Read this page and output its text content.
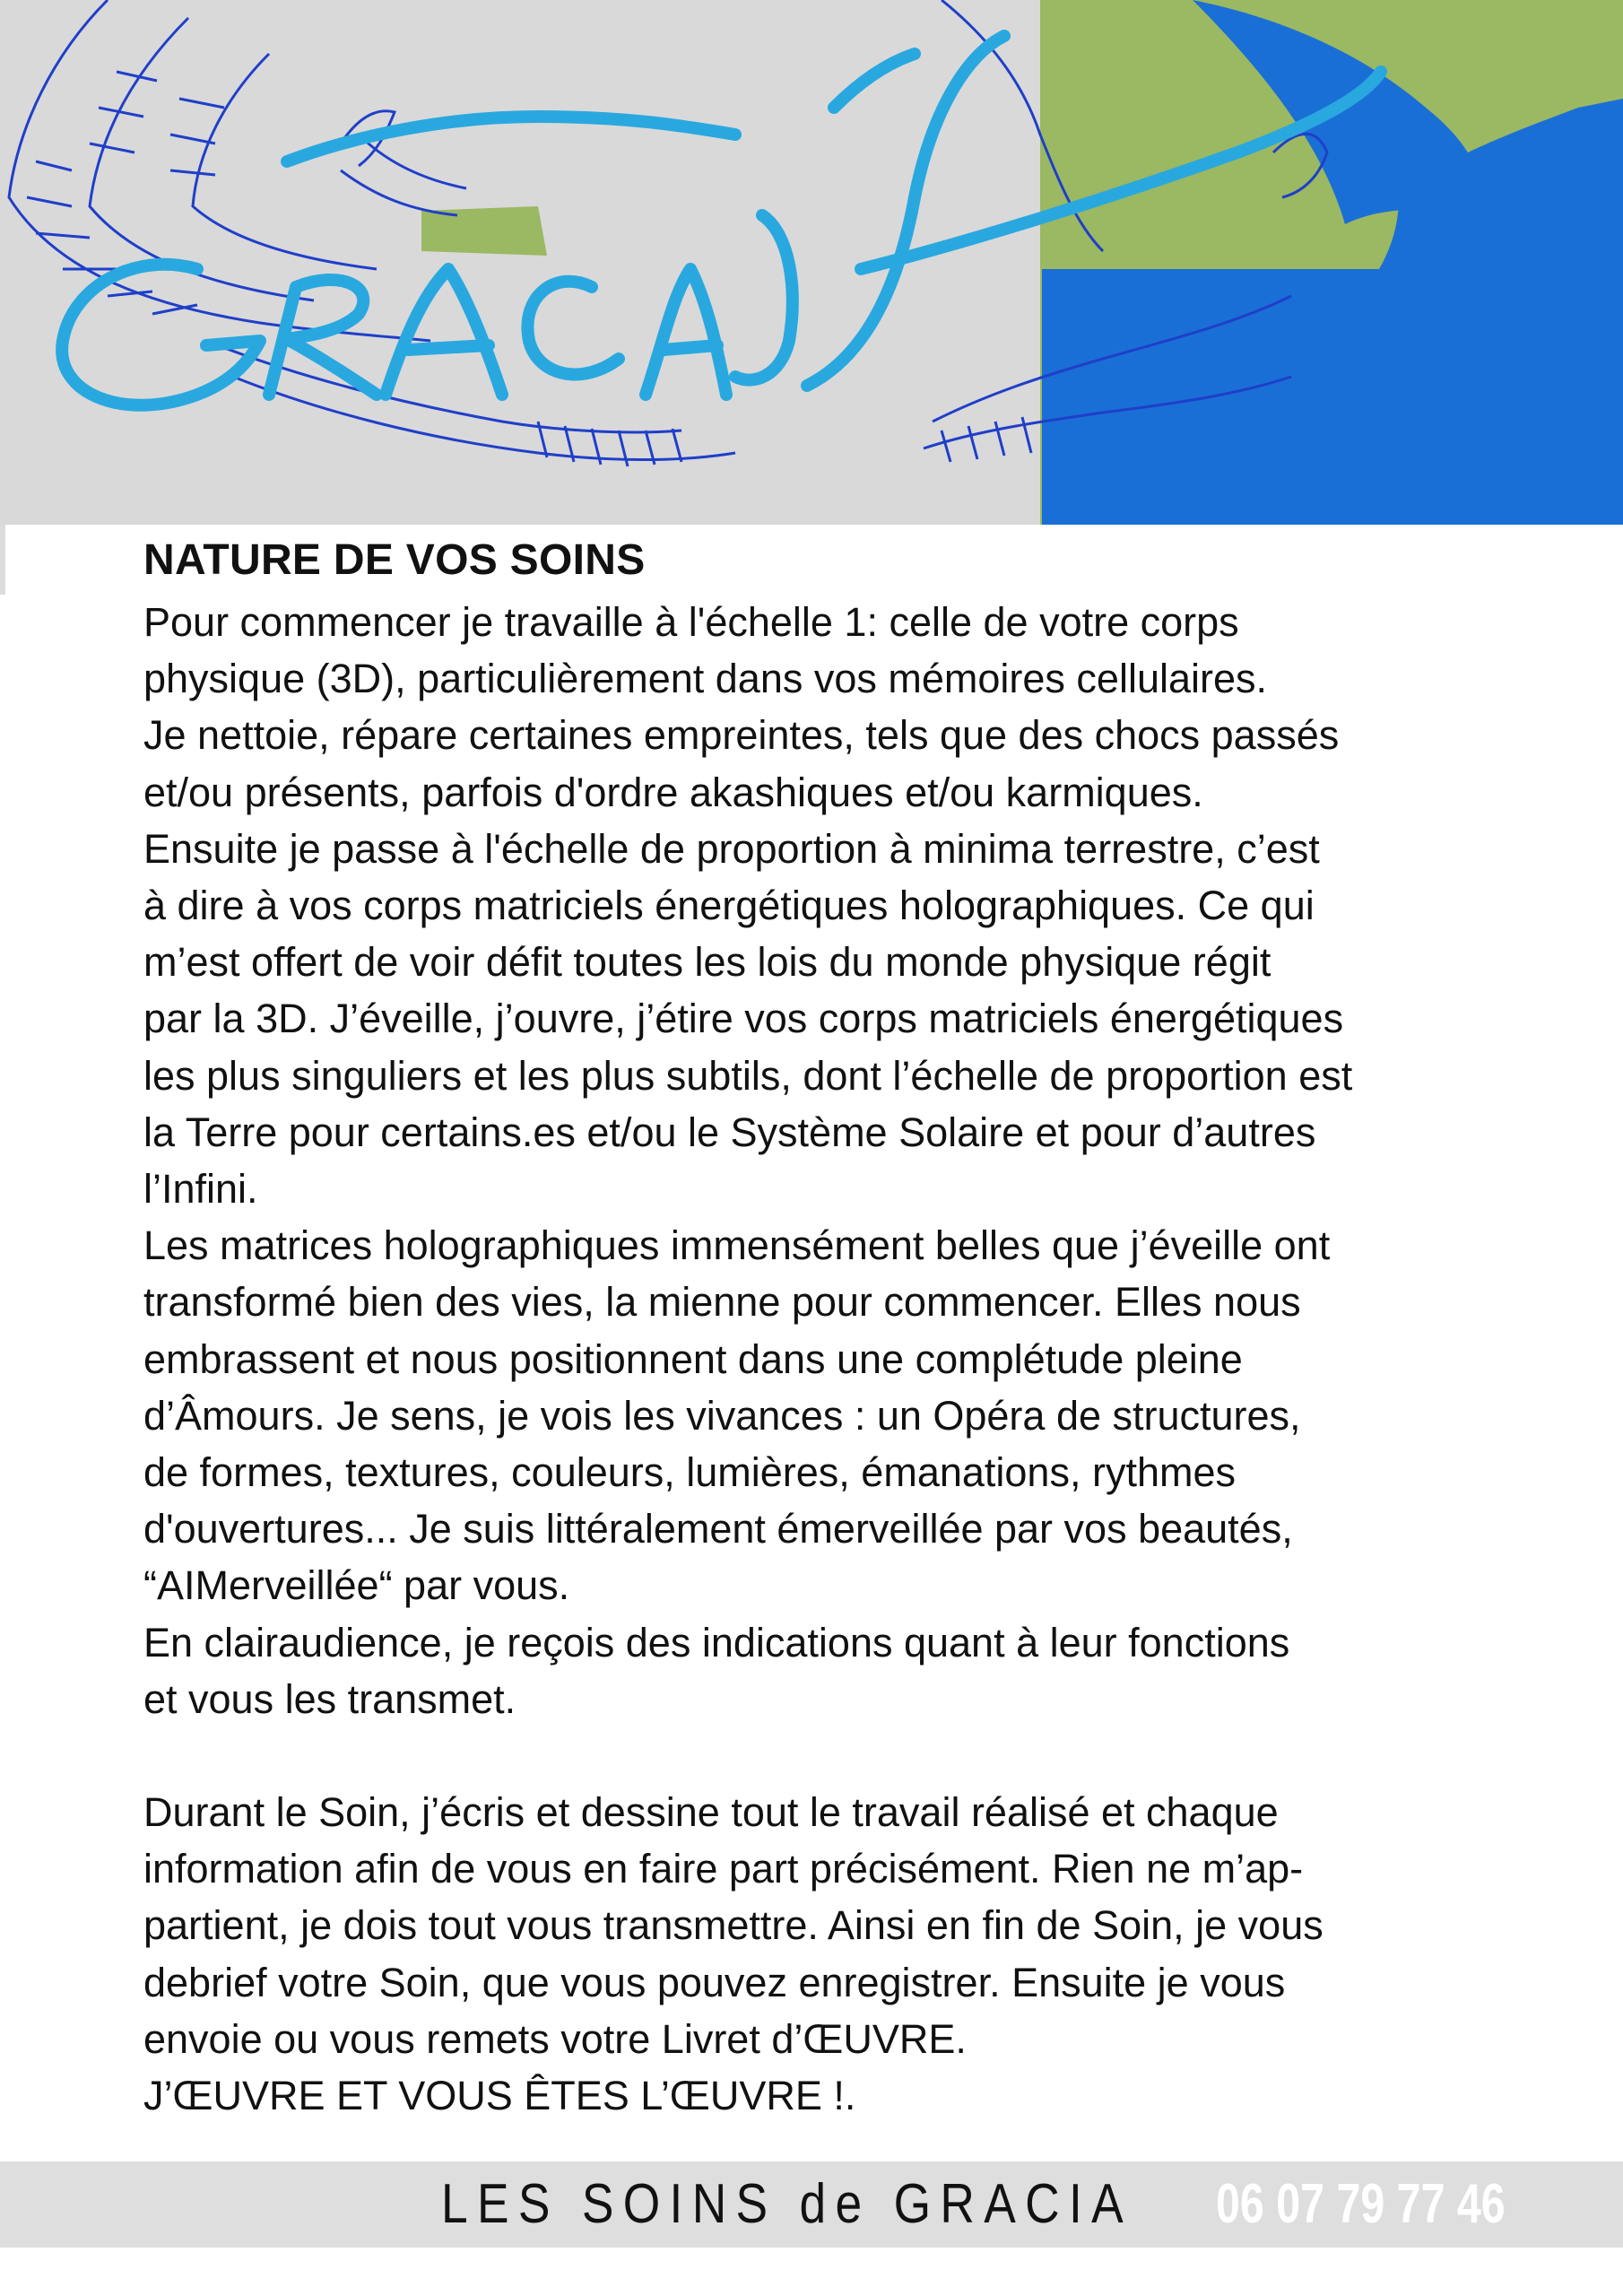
NATURE DE VOS SOINS
Pour commencer je travaille à l'échelle 1: celle de votre corps
physique (3D), particulièrement dans vos mémoires cellulaires.
Je nettoie, répare certaines empreintes, tels que des chocs passés
et/ou présents, parfois d'ordre akashiques et/ou karmiques.
Ensuite je passe à l'échelle de proportion à minima terrestre, c’est
à dire à vos corps matriciels énergétiques holographiques. Ce qui
m’est offert de voir défit toutes les lois du monde physique régit
par la 3D. J’éveille, j’ouvre, j’étire vos corps matriciels énergétiques
les plus singuliers et les plus subtils, dont l’échelle de proportion est
la Terre pour certains.es et/ou le Système Solaire et pour d’autres
l’Infini.
Les matrices holographiques immensément belles que j’éveille ont
transformé bien des vies, la mienne pour commencer. Elles nous
embrassent et nous positionnent dans une complétude pleine
d’Âmours. Je sens, je vois les vivances : un Opéra de structures,
de formes, textures, couleurs, lumières, émanations, rythmes
d'ouvertures... Je suis littéralement émerveillée par vos beautés,
“AIMerveillée“ par vous.
En clairaudience, je reçois des indications quant à leur fonctions
et vous les transmet.
Durant le Soin, j’écris et dessine tout le travail réalisé et chaque
information afin de vous en faire part précisément. Rien ne m’ap-
partient, je dois tout vous transmettre. Ainsi en fin de Soin, je vous
debrief votre Soin, que vous pouvez enregistrer. Ensuite je vous
envoie ou vous remets votre Livret d’ŒUVRE.
J’ŒUVRE ET VOUS ÊTES L’ŒUVRE !.
LES SOINS de GRACIA 06 07 79 77 46
